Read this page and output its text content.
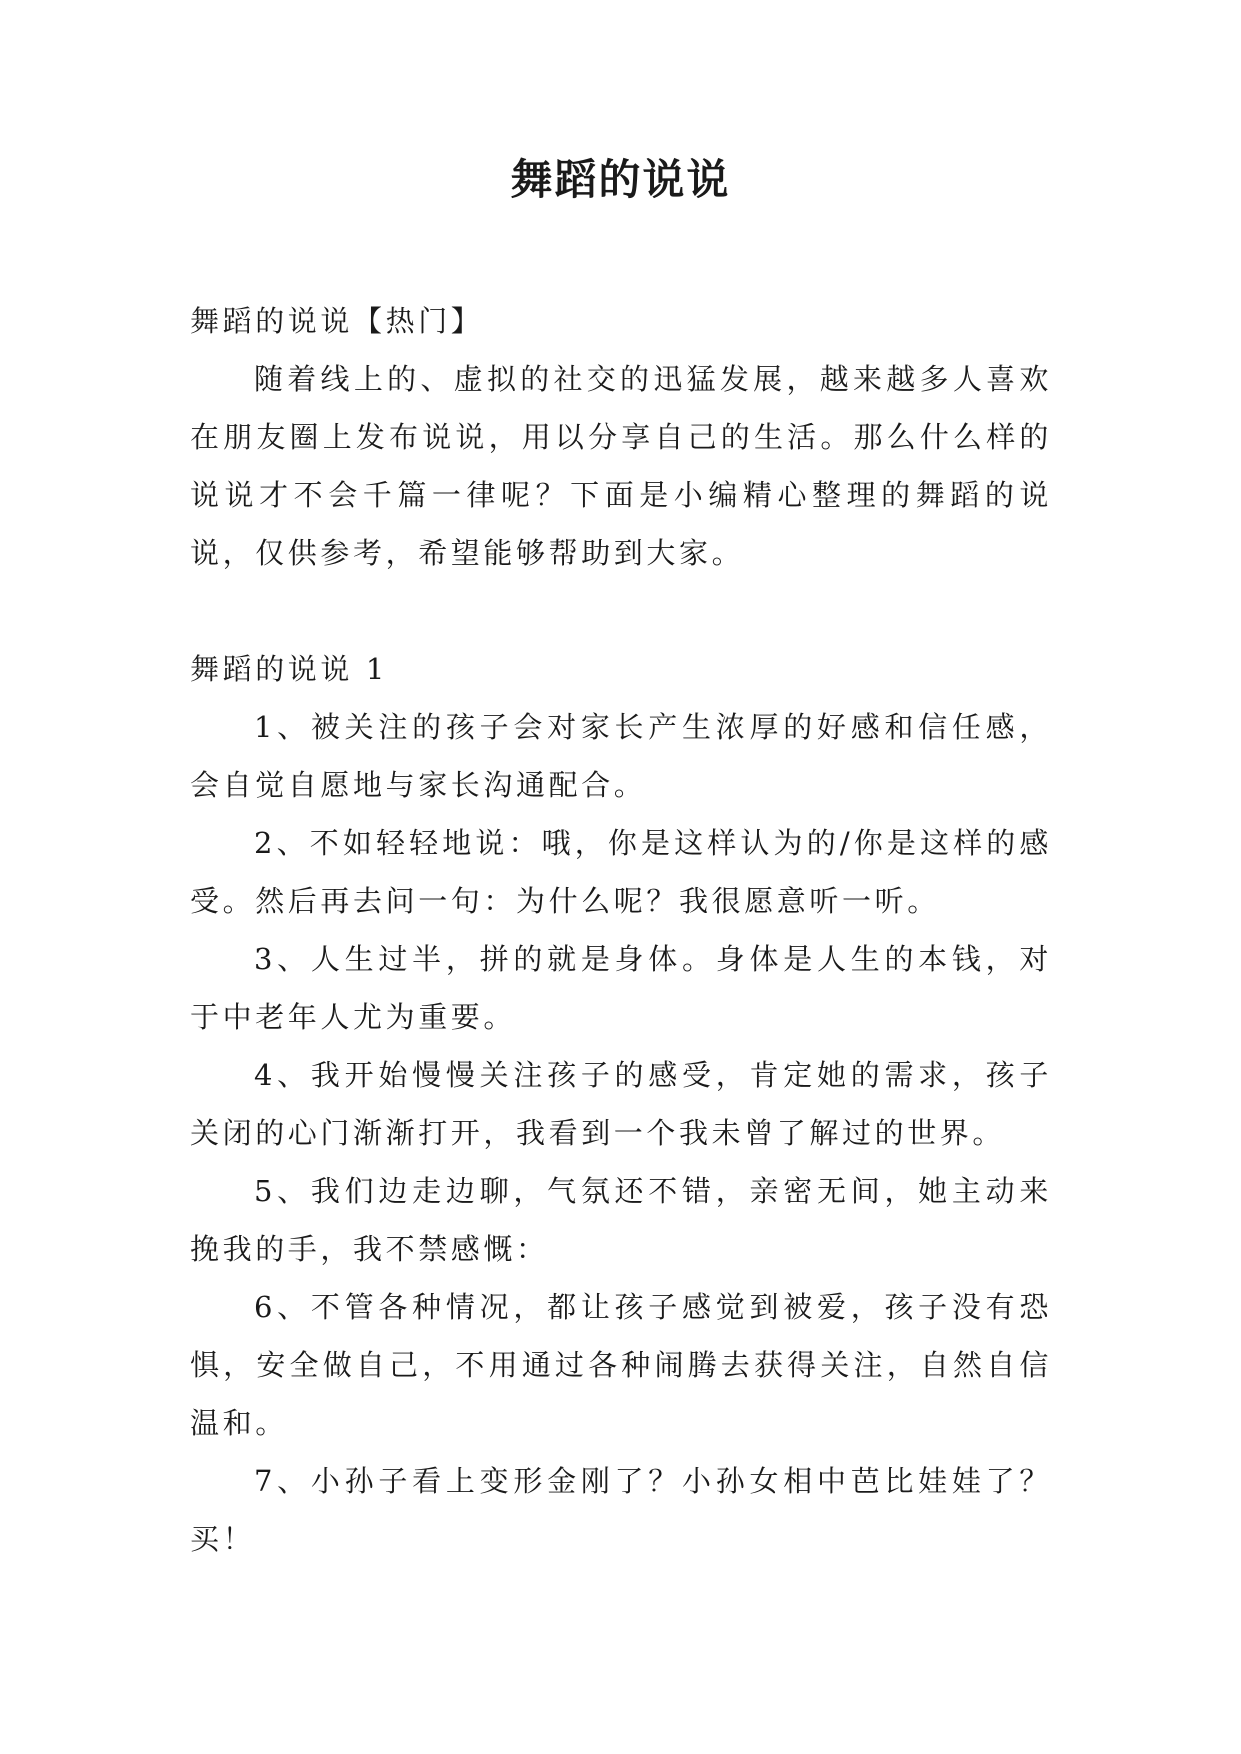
舞蹈的说说

舞蹈的说说【热门】

随着线上的、虚拟的社交的迅猛发展，越来越多人喜欢在朋友圈上发布说说，用以分享自己的生活。那么什么样的说说才不会千篇一律呢？下面是小编精心整理的舞蹈的说说，仅供参考，希望能够帮助到大家。

舞蹈的说说 1

1、被关注的孩子会对家长产生浓厚的好感和信任感，会自觉自愿地与家长沟通配合。

2、不如轻轻地说：哦，你是这样认为的/你是这样的感受。然后再去问一句：为什么呢？我很愿意听一听。

3、人生过半，拼的就是身体。身体是人生的本钱，对于中老年人尤为重要。

4、我开始慢慢关注孩子的感受，肯定她的需求，孩子关闭的心门渐渐打开，我看到一个我未曾了解过的世界。

5、我们边走边聊，气氛还不错，亲密无间，她主动来挽我的手，我不禁感慨：

6、不管各种情况，都让孩子感觉到被爱，孩子没有恐惧，安全做自己，不用通过各种闹腾去获得关注，自然自信温和。

7、小孙子看上变形金刚了？小孙女相中芭比娃娃了？买！
